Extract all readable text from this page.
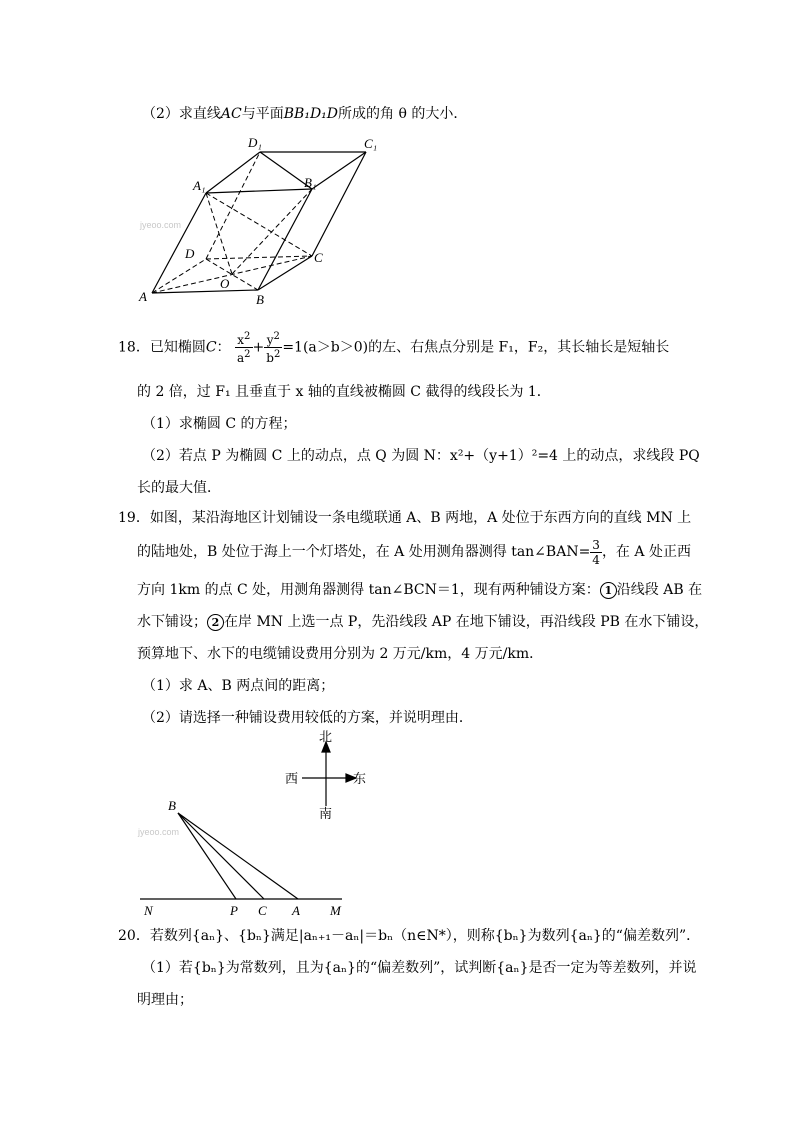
（2）求直线AC与平面BB₁D₁D所成的角 θ 的大小．
jyeoo.com
D₁	C₁
A₁	B₁
D	C
O
A	B
18．已知椭圆C： $\frac{x^2}{a^2} + \frac{y^2}{b^2} =1(a>b>0)$的左、右焦点分别是 F₁，F₂，其长轴长是短轴长
的 2 倍，过 F₁ 且垂直于 x 轴的直线被椭圆 C 截得的线段长为 1．
（1）求椭圆 C 的方程；
（2）若点 P 为椭圆 C 上的动点，点 Q 为圆 N：x²+（y+1）²=4 上的动点，求线段 PQ
长的最大值．
19．如图，某沿海地区计划铺设一条电缆联通 A、B 两地，A 处位于东西方向的直线 MN 上
的陆地处，B 处位于海上一个灯塔处，在 A 处用测角器测得 tan∠BAN= $\frac{3}{4}$ ，在 A 处正西
方向 1km 的点 C 处，用测角器测得 tan∠BCN＝1，现有两种铺设方案： 1 沿线段 AB 在
水下铺设； 2 在岸 MN 上选一点 P，先沿线段 AP 在地下铺设，再沿线段 PB 在水下铺设，
预算地下、水下的电缆铺设费用分别为 2 万元/km，4 万元/km．
（1）求 A、B 两点间的距离；
（2）请选择一种铺设费用较低的方案，并说明理由．
北
西	东
南
jyeoo.com
B
N	P C A M
20．若数列{aₙ}、{bₙ}满足|aₙ₊₁－aₙ|＝bₙ（n∈N*），则称{bₙ}为数列{aₙ}的“偏差数列”．
（1）若{bₙ}为常数列，且为{aₙ}的“偏差数列”，试判断{aₙ}是否一定为等差数列，并说
明理由；
